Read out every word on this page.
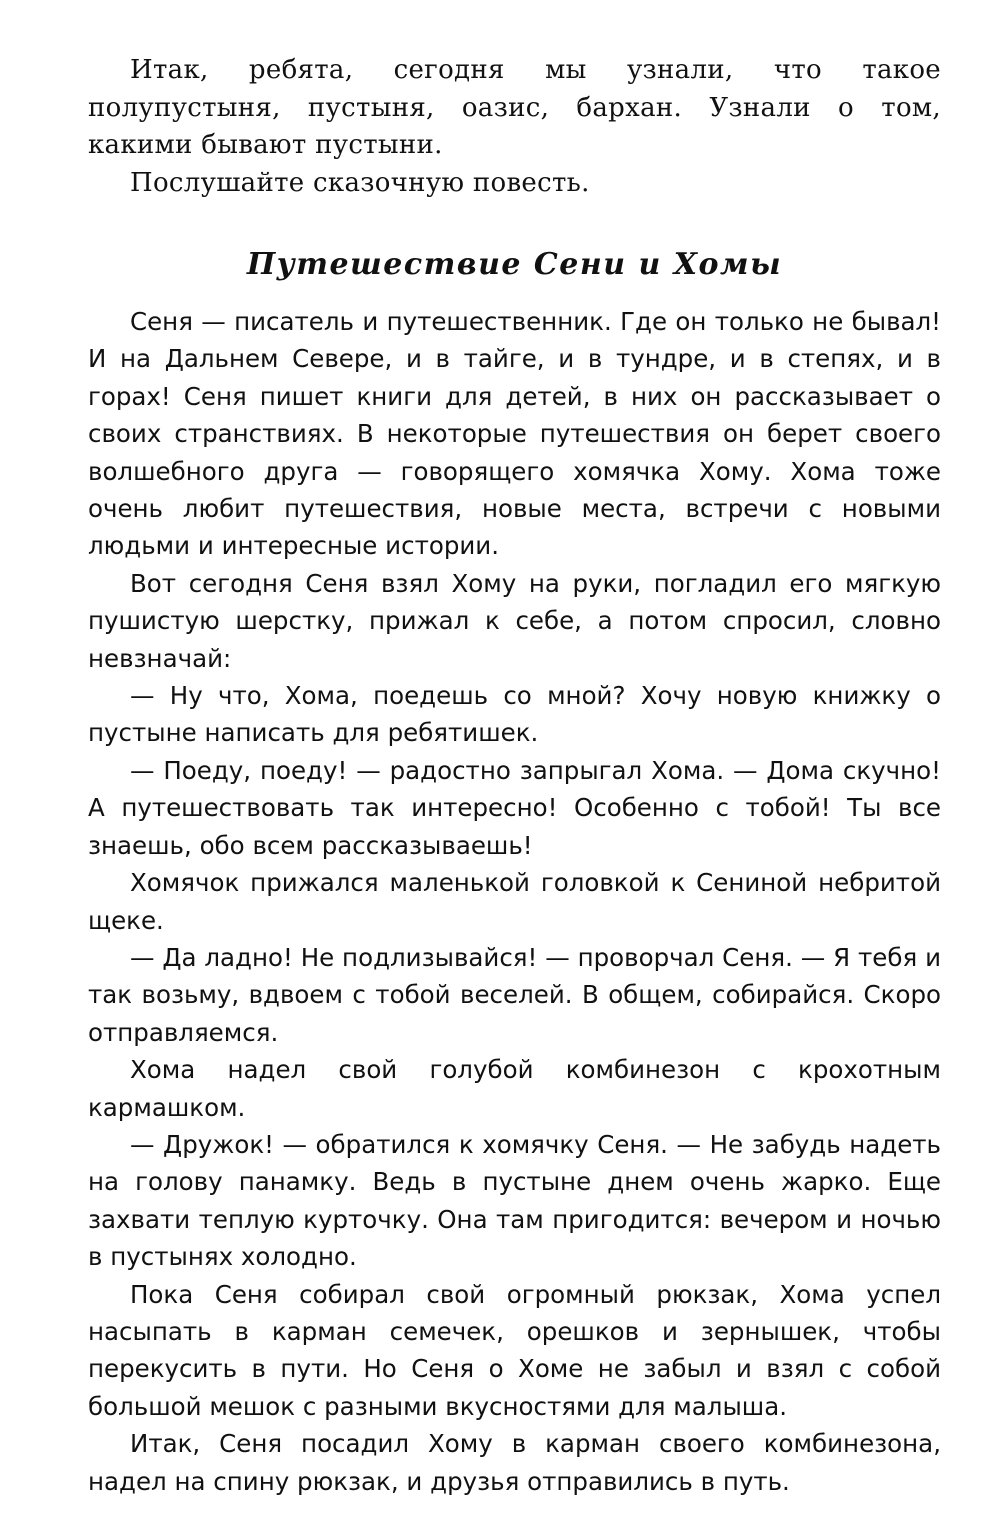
Итак, ребята, сегодня мы узнали, что такое полупустыня, пустыня, оазис, бархан. Узнали о том, какими бывают пустыни.

Послушайте сказочную повесть.

Путешествие Сени и Хомы

Сеня — писатель и путешественник. Где он только не бывал! И на Дальнем Севере, и в тайге, и в тундре, и в степях, и в горах! Сеня пишет книги для детей, в них он рассказывает о своих странствиях. В некоторые путешествия он берет своего волшебного друга — говорящего хомячка Хому. Хома тоже очень любит путешествия, новые места, встречи с новыми людьми и интересные истории.

Вот сегодня Сеня взял Хому на руки, погладил его мягкую пушистую шерстку, прижал к себе, а потом спросил, словно невзначай:

— Ну что, Хома, поедешь со мной? Хочу новую книжку о пустыне написать для ребятишек.

— Поеду, поеду! — радостно запрыгал Хома. — Дома скучно! А путешествовать так интересно! Особенно с тобой! Ты все знаешь, обо всем рассказываешь!

Хомячок прижался маленькой головкой к Сениной небритой щеке.

— Да ладно! Не подлизывайся! — проворчал Сеня. — Я тебя и так возьму, вдвоем с тобой веселей. В общем, собирайся. Скоро отправляемся.

Хома надел свой голубой комбинезон с крохотным кармашком.

— Дружок! — обратился к хомячку Сеня. — Не забудь надеть на голову панамку. Ведь в пустыне днем очень жарко. Еще захвати теплую курточку. Она там пригодится: вечером и ночью в пустынях холодно.

Пока Сеня собирал свой огромный рюкзак, Хома успел насыпать в карман семечек, орешков и зернышек, чтобы перекусить в пути. Но Сеня о Хоме не забыл и взял с собой большой мешок с разными вкусностями для малыша.

Итак, Сеня посадил Хому в карман своего комбинезона, надел на спину рюкзак, и друзья отправились в путь.
